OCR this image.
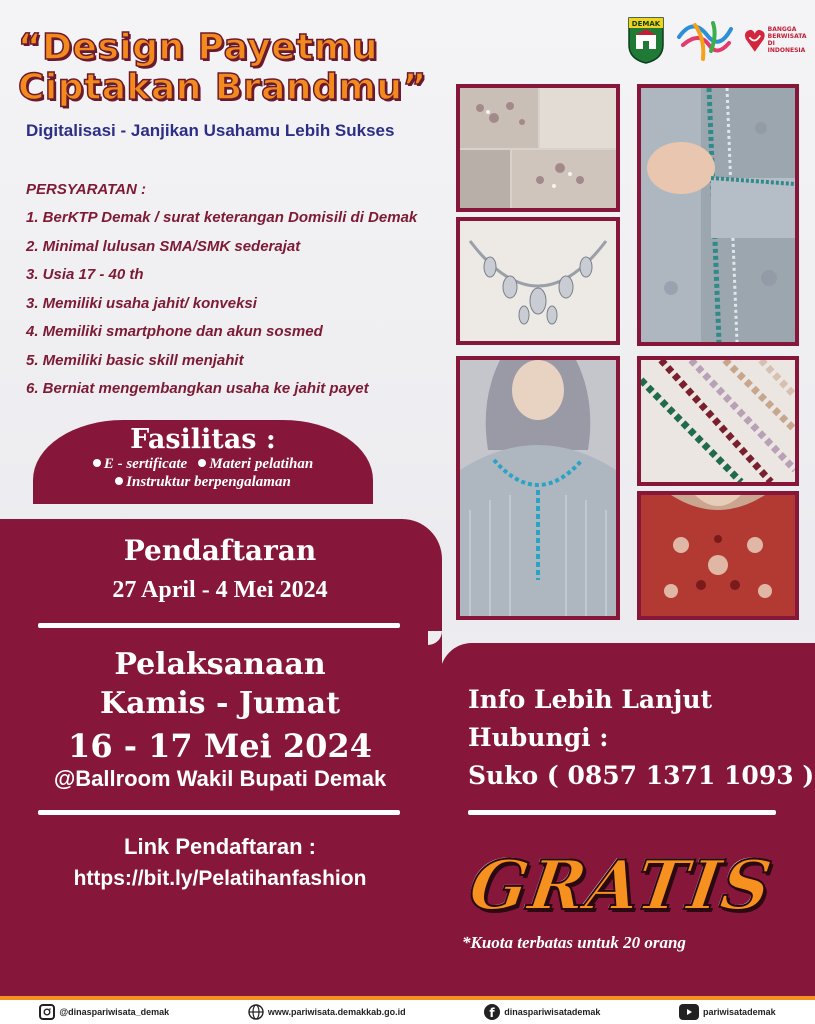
“Design Payetmu
Ciptakan Brandmu”
Digitalisasi - Janjikan Usahamu Lebih Sukses
DEMAK
BANGGA
BERWISATA
DI INDONESIA
PERSYARATAN :
1. BerKTP Demak / surat keterangan Domisili di Demak
2. Minimal lulusan SMA/SMK sederajat
3. Usia 17 - 40 th
3. Memiliki usaha jahit/ konveksi
4. Memiliki smartphone dan akun sosmed
5. Memiliki basic skill menjahit
6. Berniat mengembangkan usaha ke jahit payet
Fasilitas :
E - sertificate Materi pelatihan
Instruktur berpengalaman
Pendaftaran
27 April - 4 Mei 2024
Pelaksanaan
Kamis - Jumat
16 - 17 Mei 2024
@Ballroom Wakil Bupati Demak
Link Pendaftaran :
https://bit.ly/Pelatihanfashion
Info Lebih Lanjut
Hubungi :
Suko ( 0857 1371 1093 )
GRATIS
*Kuota terbatas untuk 20 orang
@dinaspariwisata_demak	www.pariwisata.demakkab.go.id	f dinaspariwisatademak	pariwisatademak
